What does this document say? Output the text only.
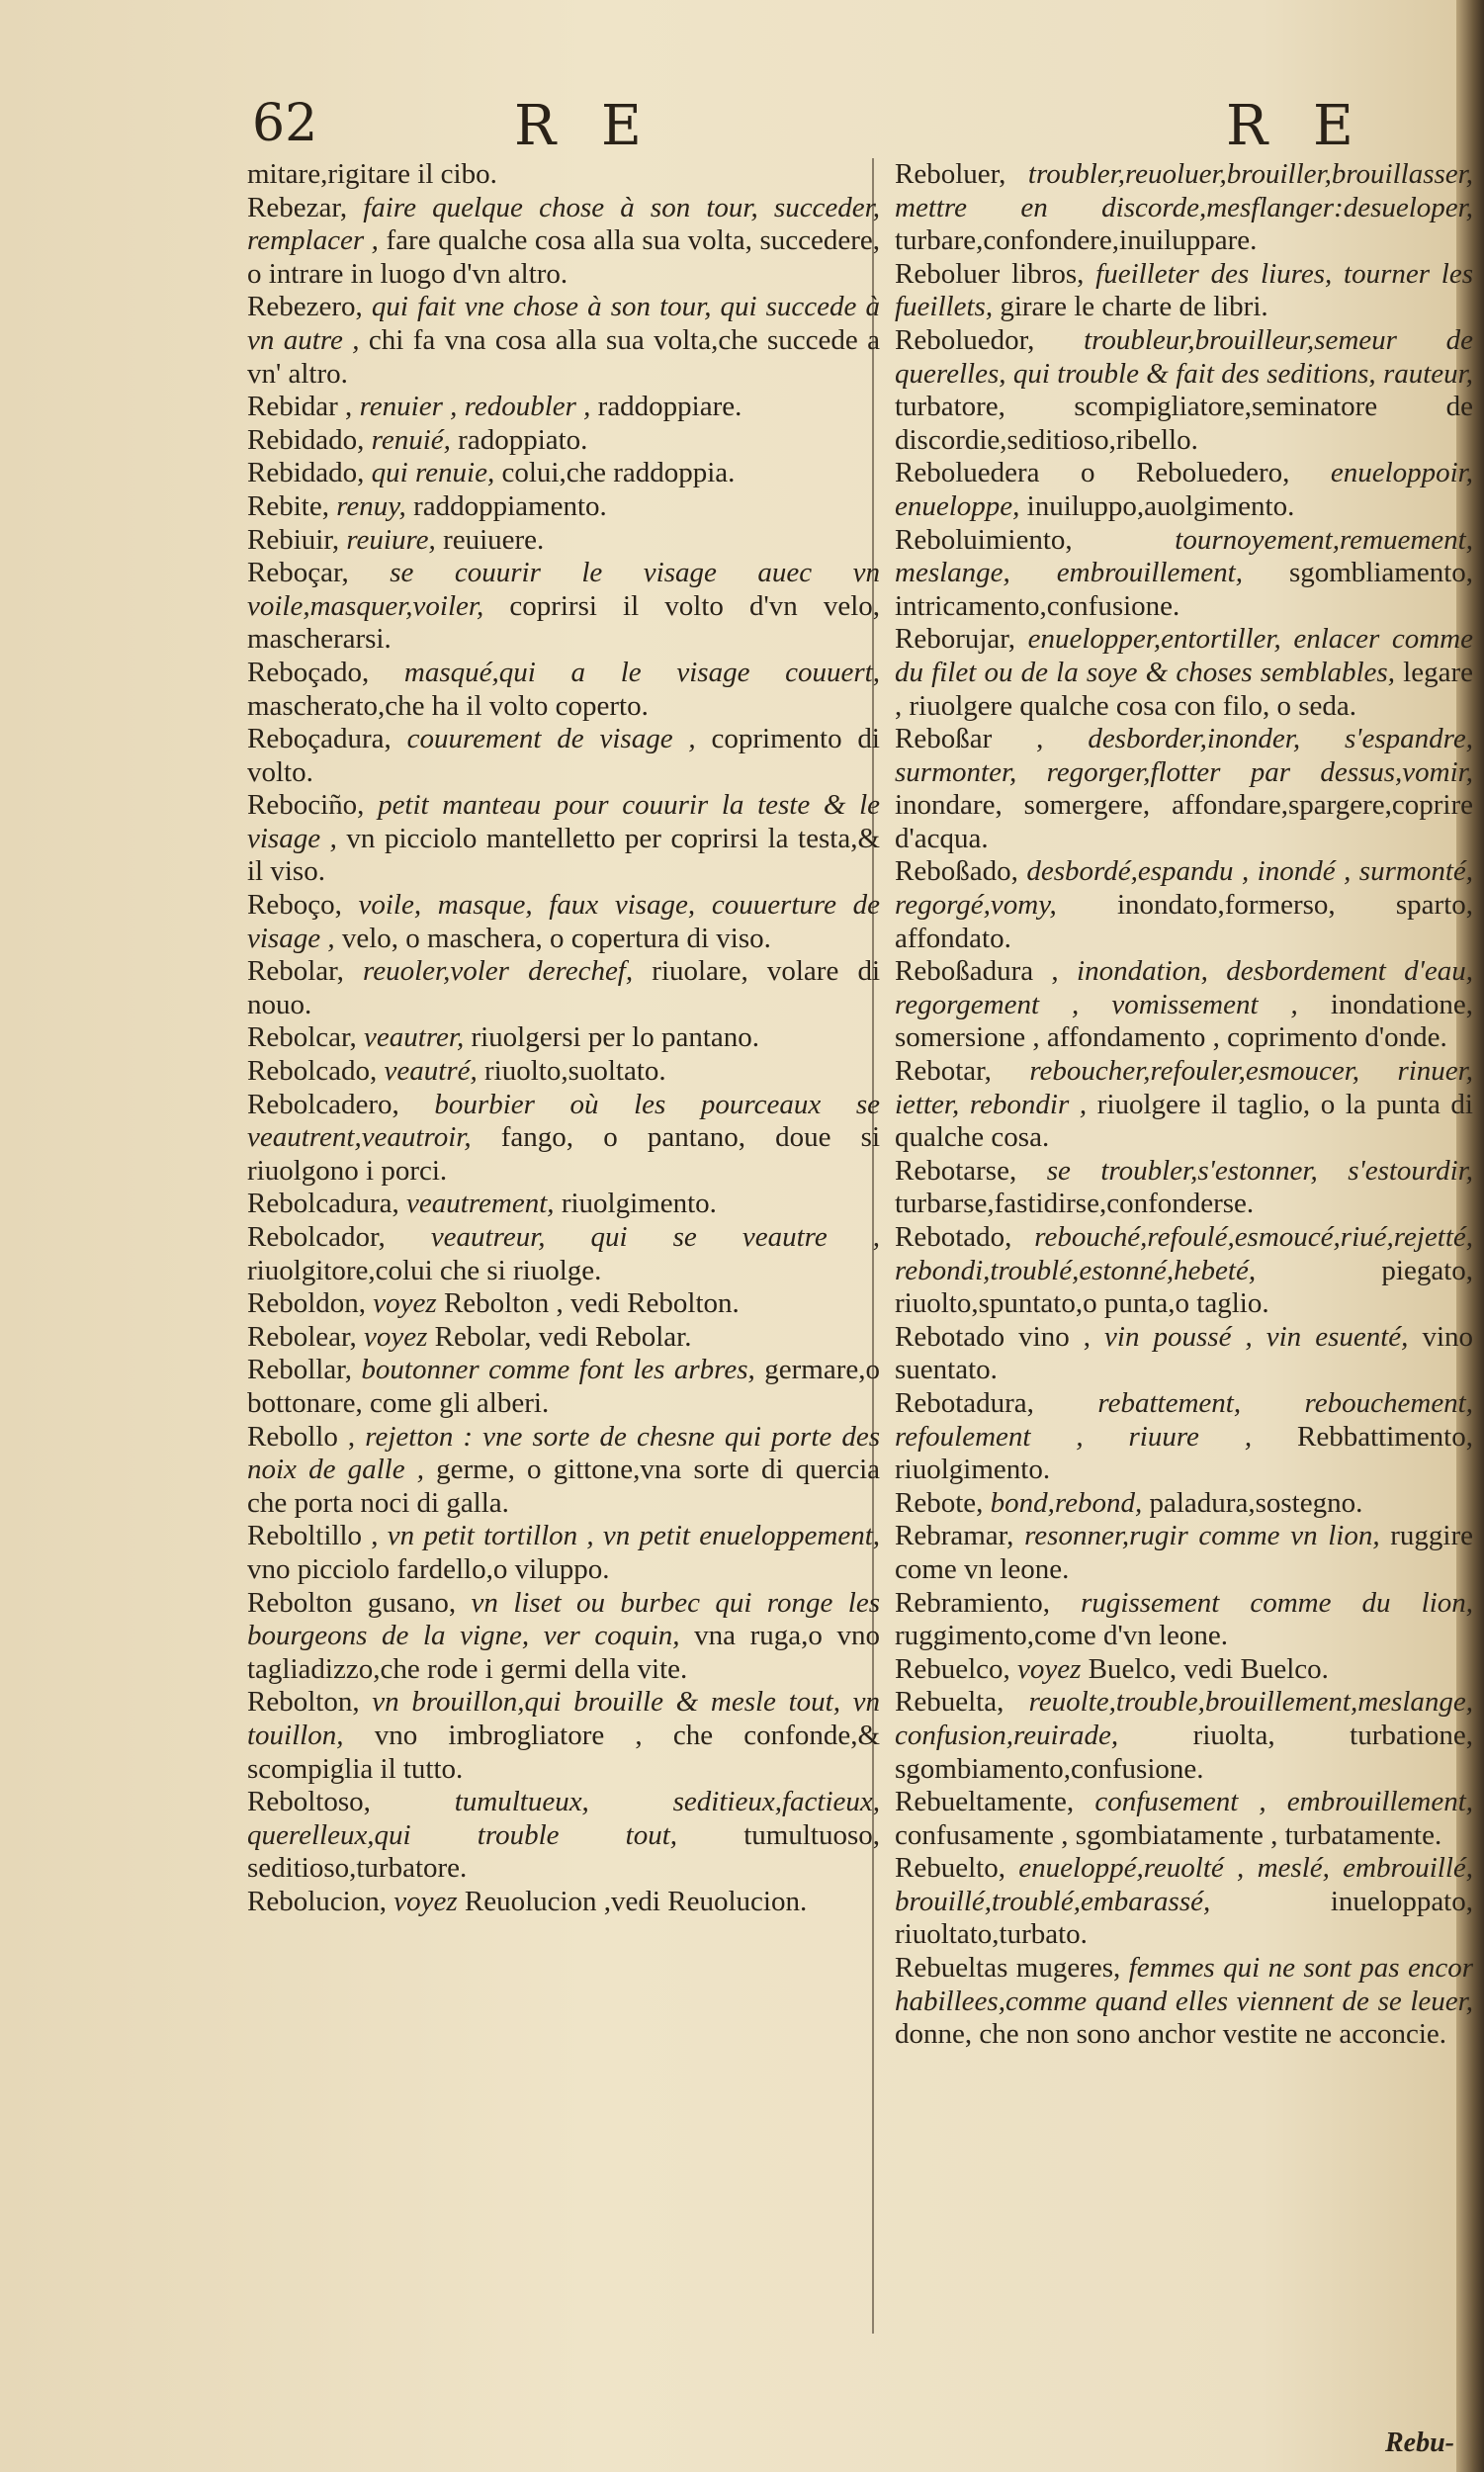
62	R E	R E

mitare,rigitare il cibo.

Rebezar, faire quelque chose à son tour, succeder, remplacer , fare qualche cosa alla sua volta, succedere, o intrare in luogo d'vn altro.

Rebezero, qui fait vne chose à son tour, qui succede à vn autre , chi fa vna cosa alla sua volta,che succede a vn' altro.

Rebidar , renuier , redoubler , raddoppiare.

Rebidado, renuié, radoppiato.

Rebidado, qui renuie, colui,che raddoppia.

Rebite, renuy, raddoppiamento.

Rebiuir, reuiure, reuiuere.

Reboçar, se couurir le visage auec vn voile,masquer,voiler, coprirsi il volto d'vn velo, mascherarsi.

Reboçado, masqué,qui a le visage couuert, mascherato,che ha il volto coperto.

Reboçadura, couurement de visage , coprimento di volto.

Rebociño, petit manteau pour couurir la teste & le visage , vn picciolo mantelletto per coprirsi la testa,& il viso.

Reboço, voile, masque, faux visage, couuerture de visage , velo, o maschera, o copertura di viso.

Rebolar, reuoler,voler derechef, riuolare, volare di nouo.

Rebolcar, veautrer, riuolgersi per lo pantano.

Rebolcado, veautré, riuolto,suoltato.

Rebolcadero, bourbier où les pourceaux se veautrent,veautroir, fango, o pantano, doue si riuolgono i porci.

Rebolcadura, veautrement, riuolgimento.

Rebolcador, veautreur, qui se veautre , riuolgitore,colui che si riuolge.

Reboldon, voyez Rebolton , vedi Rebolton.

Rebolear, voyez Rebolar, vedi Rebolar.

Rebollar, boutonner comme font les arbres, germare,o bottonare, come gli alberi.

Rebollo , rejetton : vne sorte de chesne qui porte des noix de galle , germe, o gittone,vna sorte di quercia che porta noci di galla.

Reboltillo , vn petit tortillon , vn petit enueloppement, vno picciolo fardello,o viluppo.

Rebolton gusano, vn liset ou burbec qui ronge les bourgeons de la vigne, ver coquin, vna ruga,o vno tagliadizzo,che rode i germi della vite.

Rebolton, vn brouillon,qui brouille & mesle tout, vn touillon, vno imbrogliatore , che confonde,& scompiglia il tutto.

Reboltoso,	tumultueux, seditieux,factieux, querelleux,qui trouble tout, tumultuoso, seditioso,turbatore.

Rebolucion, voyez Reuolucion ,vedi Reuolucion.

Reboluer, troubler,reuoluer,brouiller,brouillasser, mettre en discorde,mesflanger:desueloper, turbare,confondere,inuiluppare.

Reboluer libros, fueilleter des liures, tourner les fueillets, girare le charte de libri.

Reboluedor, troubleur,brouilleur,semeur de querelles, qui trouble & fait des seditions, rauteur, turbatore, scompigliatore,seminatore de discordie,seditioso,ribello.

Reboluedera o Reboluedero, enueloppoir, enueloppe, inuiluppo,auolgimento.

Reboluimiento,	tournoyement,remuement, meslange, embrouillement, sgombliamento, intricamento,confusione.

Reborujar, enuelopper,entortiller, enlacer comme du filet ou de la soye & choses semblables, legare , riuolgere qualche cosa con filo, o seda.

Reboßar , desborder,inonder, s'espandre, surmonter, regorger,flotter par dessus,vomir, inondare, somergere, affondare,spargere,coprire d'acqua.

Reboßado, desbordé,espandu , inondé , surmonté, regorgé,vomy, inondato,formerso, sparto, affondato.

Reboßadura , inondation, desbordement d'eau, regorgement , vomissement , inondatione, somersione , affondamento , coprimento d'onde.

Rebotar, reboucher,refouler,esmoucer, rinuer, ietter, rebondir , riuolgere il taglio, o la punta di qualche cosa.

Rebotarse, se troubler,s'estonner, s'estourdir, turbarse,fastidirse,confonderse.

Rebotado, rebouché,refoulé,esmoucé,riué,rejetté, rebondi,troublé,estonné,hebeté,	piegato, riuolto,spuntato,o punta,o taglio.

Rebotado vino , vin poussé , vin esuenté, vino suentato.

Rebotadura, rebattement, rebouchement, refoulement , riuure , Rebbattimento, riuolgimento.

Rebote, bond,rebond, paladura,sostegno.

Rebramar, resonner,rugir comme vn lion, ruggire come vn leone.

Rebramiento, rugissement comme du lion, ruggimento,come d'vn leone.

Rebuelco, voyez Buelco, vedi Buelco.

Rebuelta, reuolte,trouble,brouillement,meslange, confusion,reuirade,	riuolta, turbatione, sgombiamento,confusione.

Rebueltamente, confusement , embrouillement, confusamente , sgombiatamente , turbatamente.

Rebuelto, enueloppé,reuolté , meslé, embrouillé, brouillé,troublé,embarassé,	inueloppato, riuoltato,turbato.

Rebueltas mugeres, femmes qui ne sont pas encor habillees,comme quand elles viennent de se leuer, donne, che non sono anchor vestite ne acconcie.

Rebu-
